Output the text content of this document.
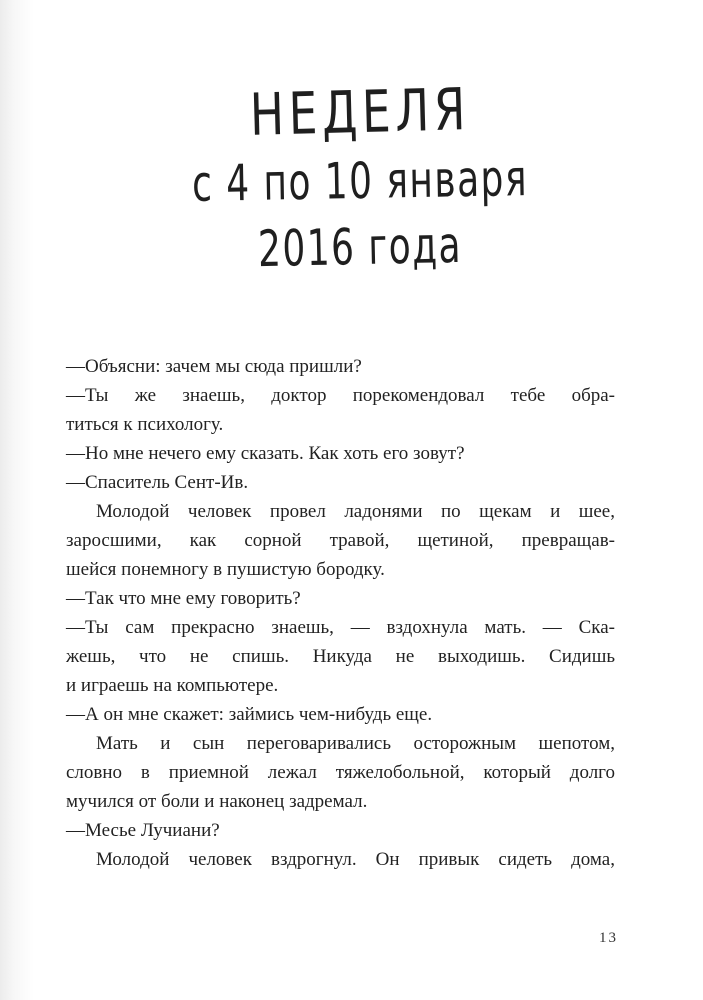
НЕДЕЛЯ
с 4 по 10 января
2016 года
—Объясни: зачем мы сюда пришли?
—Ты же знаешь, доктор порекомендовал тебе обра-
титься к психологу.
—Но мне нечего ему сказать. Как хоть его зовут?
—Спаситель Сент-Ив.
Молодой человек провел ладонями по щекам и шее,
заросшими, как сорной травой, щетиной, превращав-
шейся понемногу в пушистую бородку.
—Так что мне ему говорить?
—Ты сам прекрасно знаешь, — вздохнула мать. — Ска-
жешь, что не спишь. Никуда не выходишь. Сидишь
и играешь на компьютере.
—А он мне скажет: займись чем-нибудь еще.
Мать и сын переговаривались осторожным шепотом,
словно в приемной лежал тяжелобольной, который долго
мучился от боли и наконец задремал.
—Месье Лучиани?
Молодой человек вздрогнул. Он привык сидеть дома,
13
